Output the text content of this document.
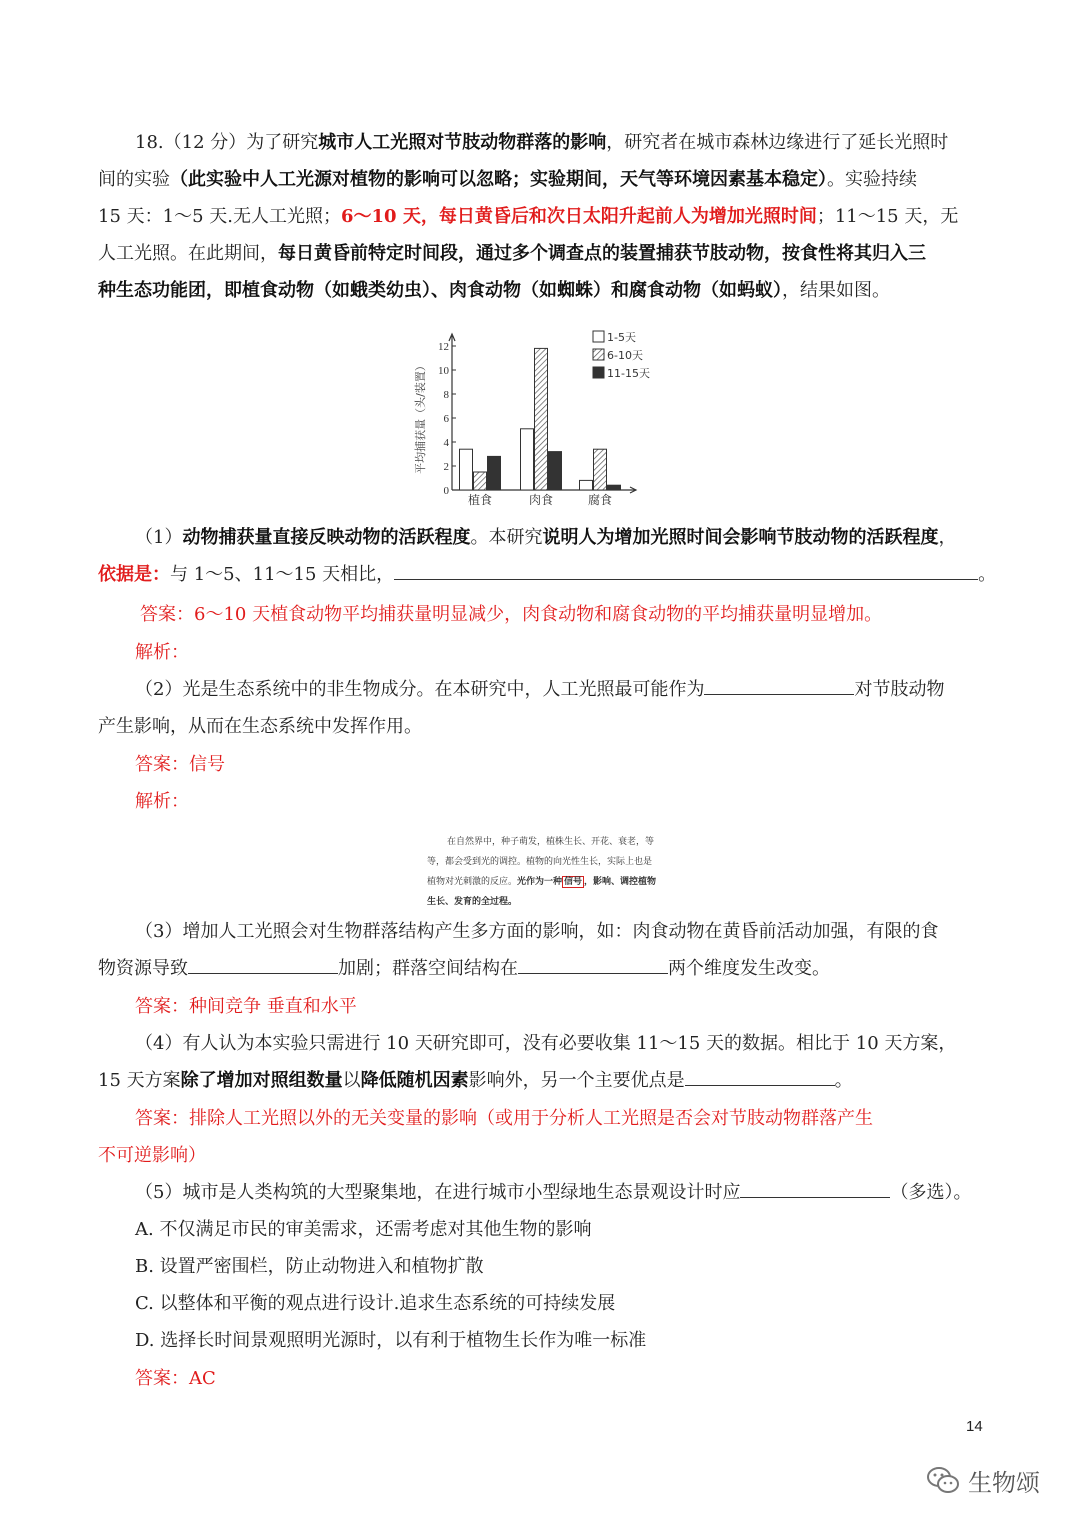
18.（12 分）为了研究城市人工光照对节肢动物群落的影响，研究者在城市森林边缘进行了延长光照时
间的实验（此实验中人工光源对植物的影响可以忽略；实验期间，天气等环境因素基本稳定）。实验持续
15 天：1～5 天.无人工光照；6～10 天，每日黄昏后和次日太阳升起前人为增加光照时间；11～15 天，无
人工光照。在此期间，每日黄昏前特定时间段，通过多个调查点的装置捕获节肢动物，按食性将其归入三
种生态功能团，即植食动物（如蛾类幼虫）、肉食动物（如蜘蛛）和腐食动物（如蚂蚁），结果如图。
0
2
4
6
8
10
12
平均捕获量（头/装置）
植食	肉食	腐食
1-5天
6-10天
11-15天
（1）动物捕获量直接反映动物的活跃程度。本研究说明人为增加光照时间会影响节肢动物的活跃程度，
依据是：与 1～5、11～15 天相比，	。
答案：6～10 天植食动物平均捕获量明显减少，肉食动物和腐食动物的平均捕获量明显增加。
解析：
（2）光是生态系统中的非生物成分。在本研究中，人工光照最可能作为	对节肢动物
产生影响，从而在生态系统中发挥作用。
答案：信号
解析：
在自然界中，种子萌发，植株生长、开花、衰老，等
等，都会受到光的调控。植物的向光性生长，实际上也是
植物对光刺激的反应。光作为一种 信号 ，影响、调控植物
生长、发育的全过程。
（3）增加人工光照会对生物群落结构产生多方面的影响，如：肉食动物在黄昏前活动加强，有限的食
物资源导致	加剧；群落空间结构在	两个维度发生改变。
答案：种间竞争 垂直和水平
（4）有人认为本实验只需进行 10 天研究即可，没有必要收集 11～15 天的数据。相比于 10 天方案，
15 天方案除了增加对照组数量以降低随机因素影响外，另一个主要优点是	。
答案：排除人工光照以外的无关变量的影响（或用于分析人工光照是否会对节肢动物群落产生
不可逆影响）
（5）城市是人类构筑的大型聚集地，在进行城市小型绿地生态景观设计时应	（多选）。
A. 不仅满足市民的审美需求，还需考虑对其他生物的影响
B. 设置严密围栏，防止动物进入和植物扩散
C. 以整体和平衡的观点进行设计.追求生态系统的可持续发展
D. 选择长时间景观照明光源时，以有利于植物生长作为唯一标准
答案：AC
14
生物颂
